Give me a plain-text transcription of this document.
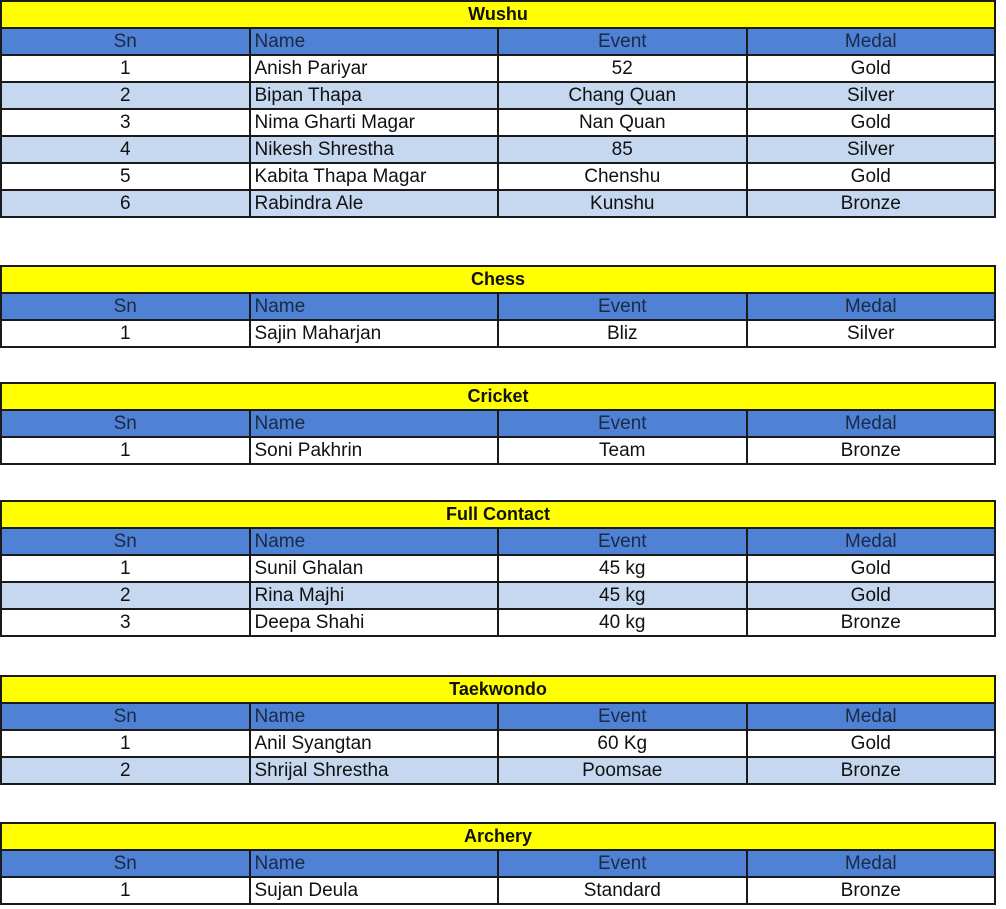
Wushu			
Sn	Name	Event	Medal
1	Anish Pariyar	52	Gold
2	Bipan Thapa	Chang Quan	Silver
3	Nima Gharti Magar	Nan Quan	Gold
4	Nikesh Shrestha	85	Silver
5	Kabita Thapa Magar	Chenshu	Gold
6	Rabindra Ale	Kunshu	Bronze
Chess			
Sn	Name	Event	Medal
1	Sajin Maharjan	Bliz	Silver
Cricket			
Sn	Name	Event	Medal
1	Soni Pakhrin	Team	Bronze
Full Contact			
Sn	Name	Event	Medal
1	Sunil Ghalan	45 kg	Gold
2	Rina Majhi	45 kg	Gold
3	Deepa Shahi	40 kg	Bronze
Taekwondo			
Sn	Name	Event	Medal
1	Anil Syangtan	60 Kg	Gold
2	Shrijal Shrestha	Poomsae	Bronze
Archery			
Sn	Name	Event	Medal
1	Sujan Deula	Standard	Bronze
